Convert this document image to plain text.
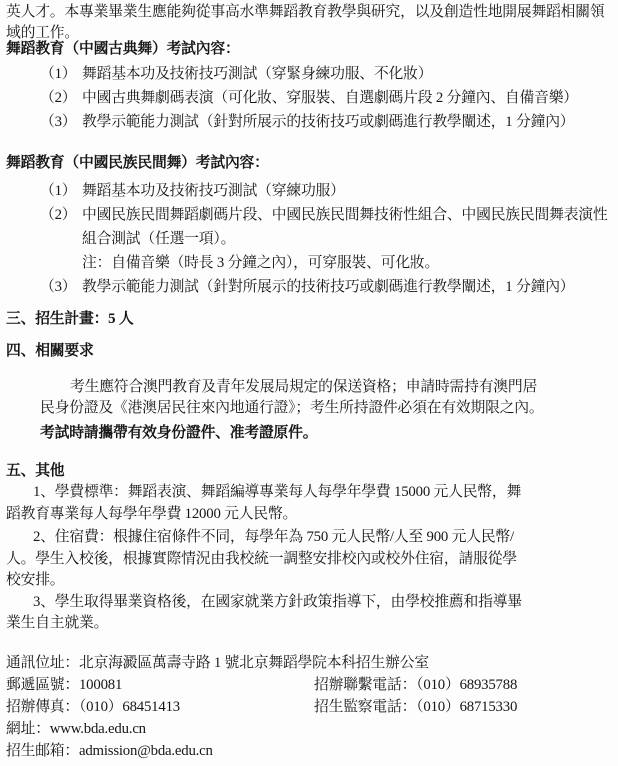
英人才。本專業畢業生應能夠從事高水準舞蹈教育教學與研究，以及創造性地開展舞蹈相關領
域的工作。
舞蹈教育（中國古典舞）考試內容：
（1） 舞蹈基本功及技術技巧測試（穿緊身練功服、不化妝）
（2） 中國古典舞劇碼表演（可化妝、穿服裝、自選劇碼片段 2 分鐘內、自備音樂）
（3） 教學示範能力測試（針對所展示的技術技巧或劇碼進行教學闡述，1 分鐘內）
舞蹈教育（中國民族民間舞）考試內容：
（1） 舞蹈基本功及技術技巧測試（穿練功服）
（2） 中國民族民間舞蹈劇碼片段、中國民族民間舞技術性組合、中國民族民間舞表演性
組合測試（任選一項）。
注：自備音樂（時長 3 分鐘之內），可穿服裝、可化妝。
（3） 教學示範能力測試（針對所展示的技術技巧或劇碼進行教學闡述，1 分鐘內）
三、招生計畫：5 人
四、相關要求
考生應符合澳門教育及青年发展局規定的保送資格；申請時需持有澳門居
民身份證及《港澳居民往來內地通行證》；考生所持證件必須在有效期限之內。
考試時請攜帶有效身份證件、准考證原件。
五、其他
1、學費標準：舞蹈表演、舞蹈編導專業每人每學年學費 15000 元人民幣，舞
蹈教育專業每人每學年學費 12000 元人民幣。
2、住宿費：根據住宿條件不同，每學年為 750 元人民幣/人至 900 元人民幣/
人。學生入校後，根據實際情況由我校統一調整安排校內或校外住宿，請服從學
校安排。
3、學生取得畢業資格後，在國家就業方針政策指導下，由學校推薦和指導畢
業生自主就業。
通訊位址：北京海澱區萬壽寺路 1 號北京舞蹈學院本科招生辦公室
郵遞區號：100081	招辦聯繫電話：（010）68935788
招辦傳真：（010）68451413	招生監察電話：（010）68715330
網址：www.bda.edu.cn
招生邮箱：admission@bda.edu.cn
